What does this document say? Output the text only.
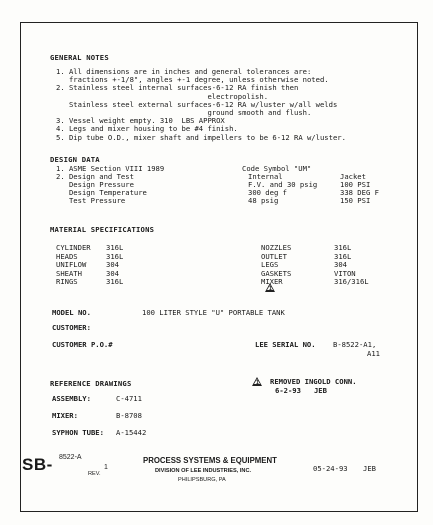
GENERAL NOTES
1. All dimensions are in inches and general tolerances are:
fractions +-1/8", angles +-1 degree, unless otherwise noted.
2. Stainless steel internal surfaces-6-12 RA finish then
electropolish.
Stainless steel external surfaces-6-12 RA w/luster w/all welds
ground smooth and flush.
3. Vessel weight empty. 310  LBS APPROX
4. Legs and mixer housing to be #4 finish.
5. Dip tube O.D., mixer shaft and impellers to be 6-12 RA w/luster.
DESIGN DATA
1. ASME Section VIII 1989	Code Symbol "UM"
2. Design and Test	Internal	Jacket
Design Pressure	F.V. and 30 psig	100 PSI
Design Temperature	300 deg f	338 DEG F
Test Pressure	48 psig	150 PSI
MATERIAL SPECIFICATIONS
CYLINDER 316L
HEADS	316L
UNIFLOW	304
SHEATH	304
RINGS	316L
NOZZLES	316L
OUTLET	316L
LEGS	304
GASKETS	VITON
MIXER	316/316L
1
MODEL NO.	100 LITER STYLE "U" PORTABLE TANK
CUSTOMER:
CUSTOMER P.O.#	LEE SERIAL NO. B-8522-A1,
A11
REFERENCE DRAWINGS	1 REMOVED INGOLD CONN.
6-2-93   JEB
ASSEMBLY:	C-4711
MIXER:	B-8708
SYPHON TUBE: A-15442
SB- 8522-A
REV.
1
PROCESS SYSTEMS & EQUIPMENT
DIVISION OF LEE INDUSTRIES, INC.
PHILIPSBURG, PA
05-24-93 JEB
